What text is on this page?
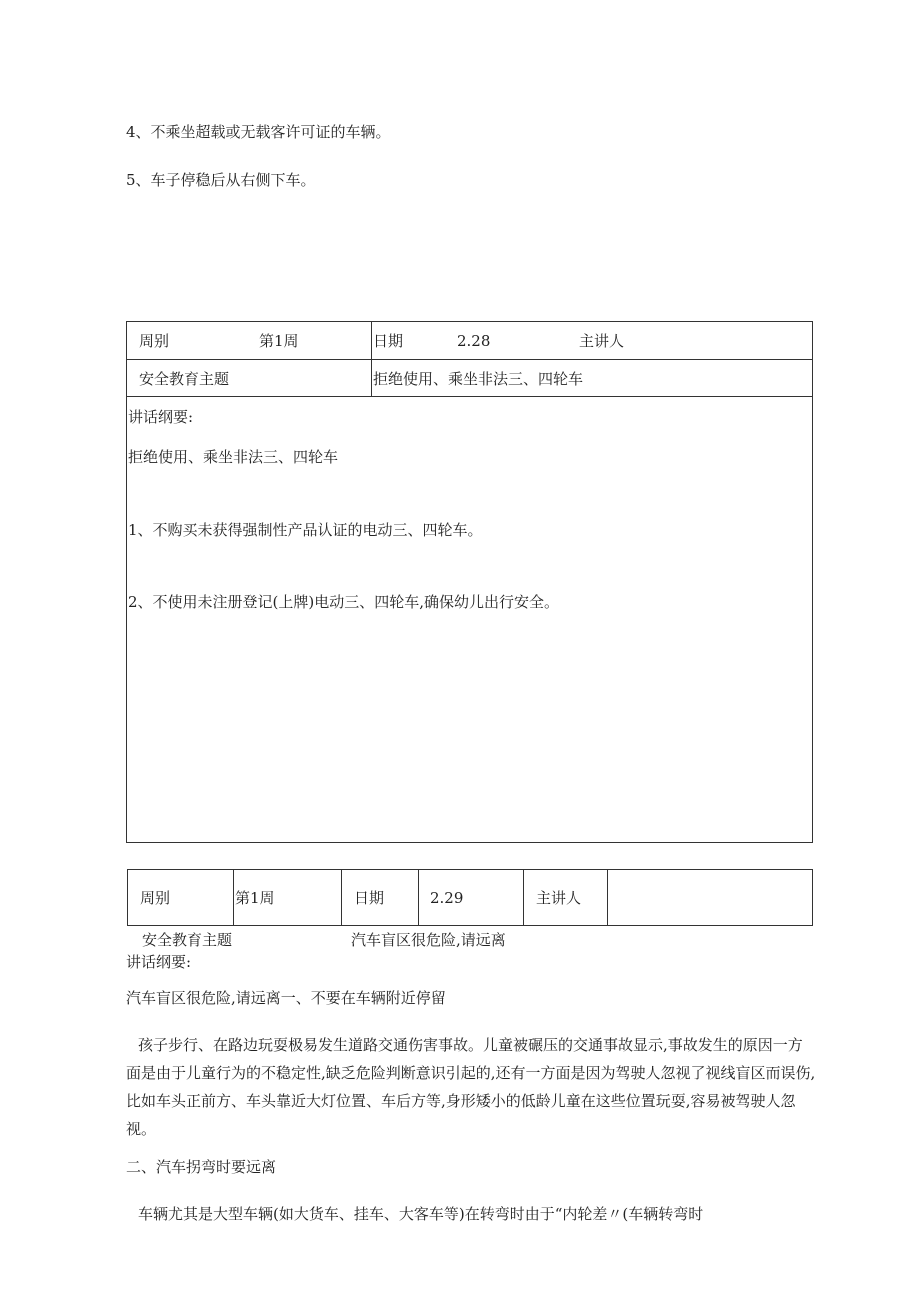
4、不乘坐超载或无载客许可证的车辆。
5、车子停稳后从右侧下车。
周别	第1周	日期	2.28	主讲人
安全教育主题	拒绝使用、乘坐非法三、四轮车
讲话纲要:
拒绝使用、乘坐非法三、四轮车
1、不购买未获得强制性产品认证的电动三、四轮车。
2、不使用未注册登记(上牌)电动三、四轮车,确保幼儿出行安全。
周别	第1周	日期	2.29	主讲人
安全教育主题	汽车盲区很危险,请远离
讲话纲要:
汽车盲区很危险,请远离一、不要在车辆附近停留
孩子步行、在路边玩耍极易发生道路交通伤害事故。儿童被碾压的交通事故显示,事故发生的原因一方面是由于儿童行为的不稳定性,缺乏危险判断意识引起的,还有一方面是因为驾驶人忽视了视线盲区而误伤,比如车头正前方、车头靠近大灯位置、车后方等,身形矮小的低龄儿童在这些位置玩耍,容易被驾驶人忽视。
二、汽车拐弯时要远离
车辆尤其是大型车辆(如大货车、挂车、大客车等)在转弯时由于“内轮差〃(车辆转弯时
